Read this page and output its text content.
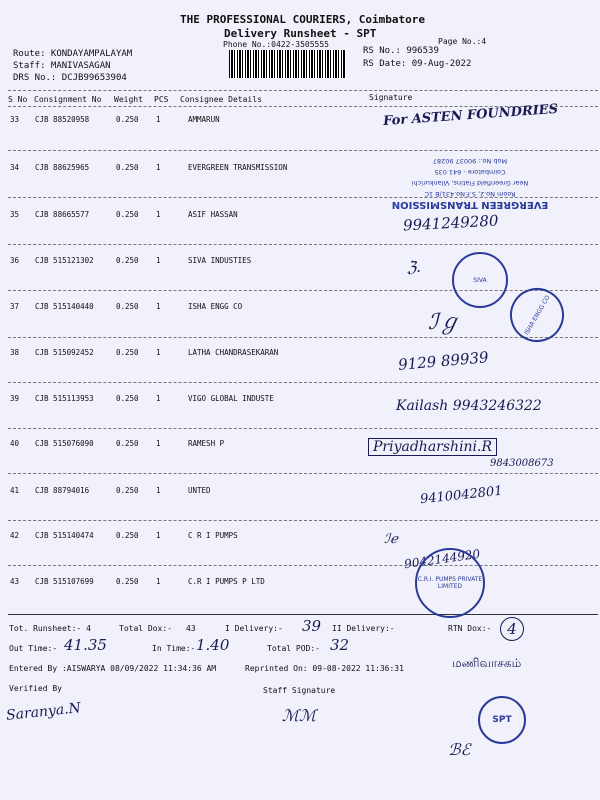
THE PROFESSIONAL COURIERS, Coimbatore
Delivery Runsheet - SPT
Phone No.:0422-3505555	Page No.:4
Route: KONDAYAMPALAYAM
Staff: MANIVASAGAN
DRS No.: DCJB99653904
RS No.: 996539
RS Date: 09-Aug-2022
S No Consignment No Weight PCS Consignee Details	Signature
33 CJB 88520958	0.250 1	AMMARUN
34 CJB 88625965	0.250 1	EVERGREEN TRANSMISSION
35 CJB 88665577	0.250 1	ASIF HASSAN
36 CJB 515121302	0.250 1	SIVA INDUSTIES
37 CJB 515140440	0.250 1	ISHA ENGG CO
38 CJB 515092452	0.250 1	LATHA CHANDRASEKARAN
39 CJB 515113953	0.250 1	VIGO GLOBAL INDUSTE
40 CJB 515076090	0.250 1	RAMESH P
41 CJB 88794016	0.250 1	UNTED
42 CJB 515140474	0.250 1	C R I PUMPS
43 CJB 515107699	0.250 1	C.R I PUMPS P LTD
For ASTEN FOUNDRIES
EVERGREEN TRANSMISSION
Room No.2, S.F.No.431/B 1C
Near Greenfield Flatins, Vilankurichi
Coimbatore - 641 035
Mob No.: 90037 90287
9941249280
ℨ.
SIVA
ℐℊ	ISHA ENGG CO
9129 89939
Kailash 9943246322
Priyadharshini.R
9843008673
9410042801
ℐℯ
9042144920
C.R.I. PUMPS PRIVATE LIMITED
Tot. Runsheet:- 4	Total Dox:- 43	I Delivery:- 39 II Delivery:-	RTN Dox:-	4
Out Time:- 41.35	In Time:- 1.40	Total POD:- 32
Entered By :AISWARYA 08/09/2022 11:34:36 AM	Reprinted On: 09-08-2022 11:36:31	மணிவாசகம்
Verified By	Staff Signature
Saranya.N	ℳℳ	SPT
ℬℰ
